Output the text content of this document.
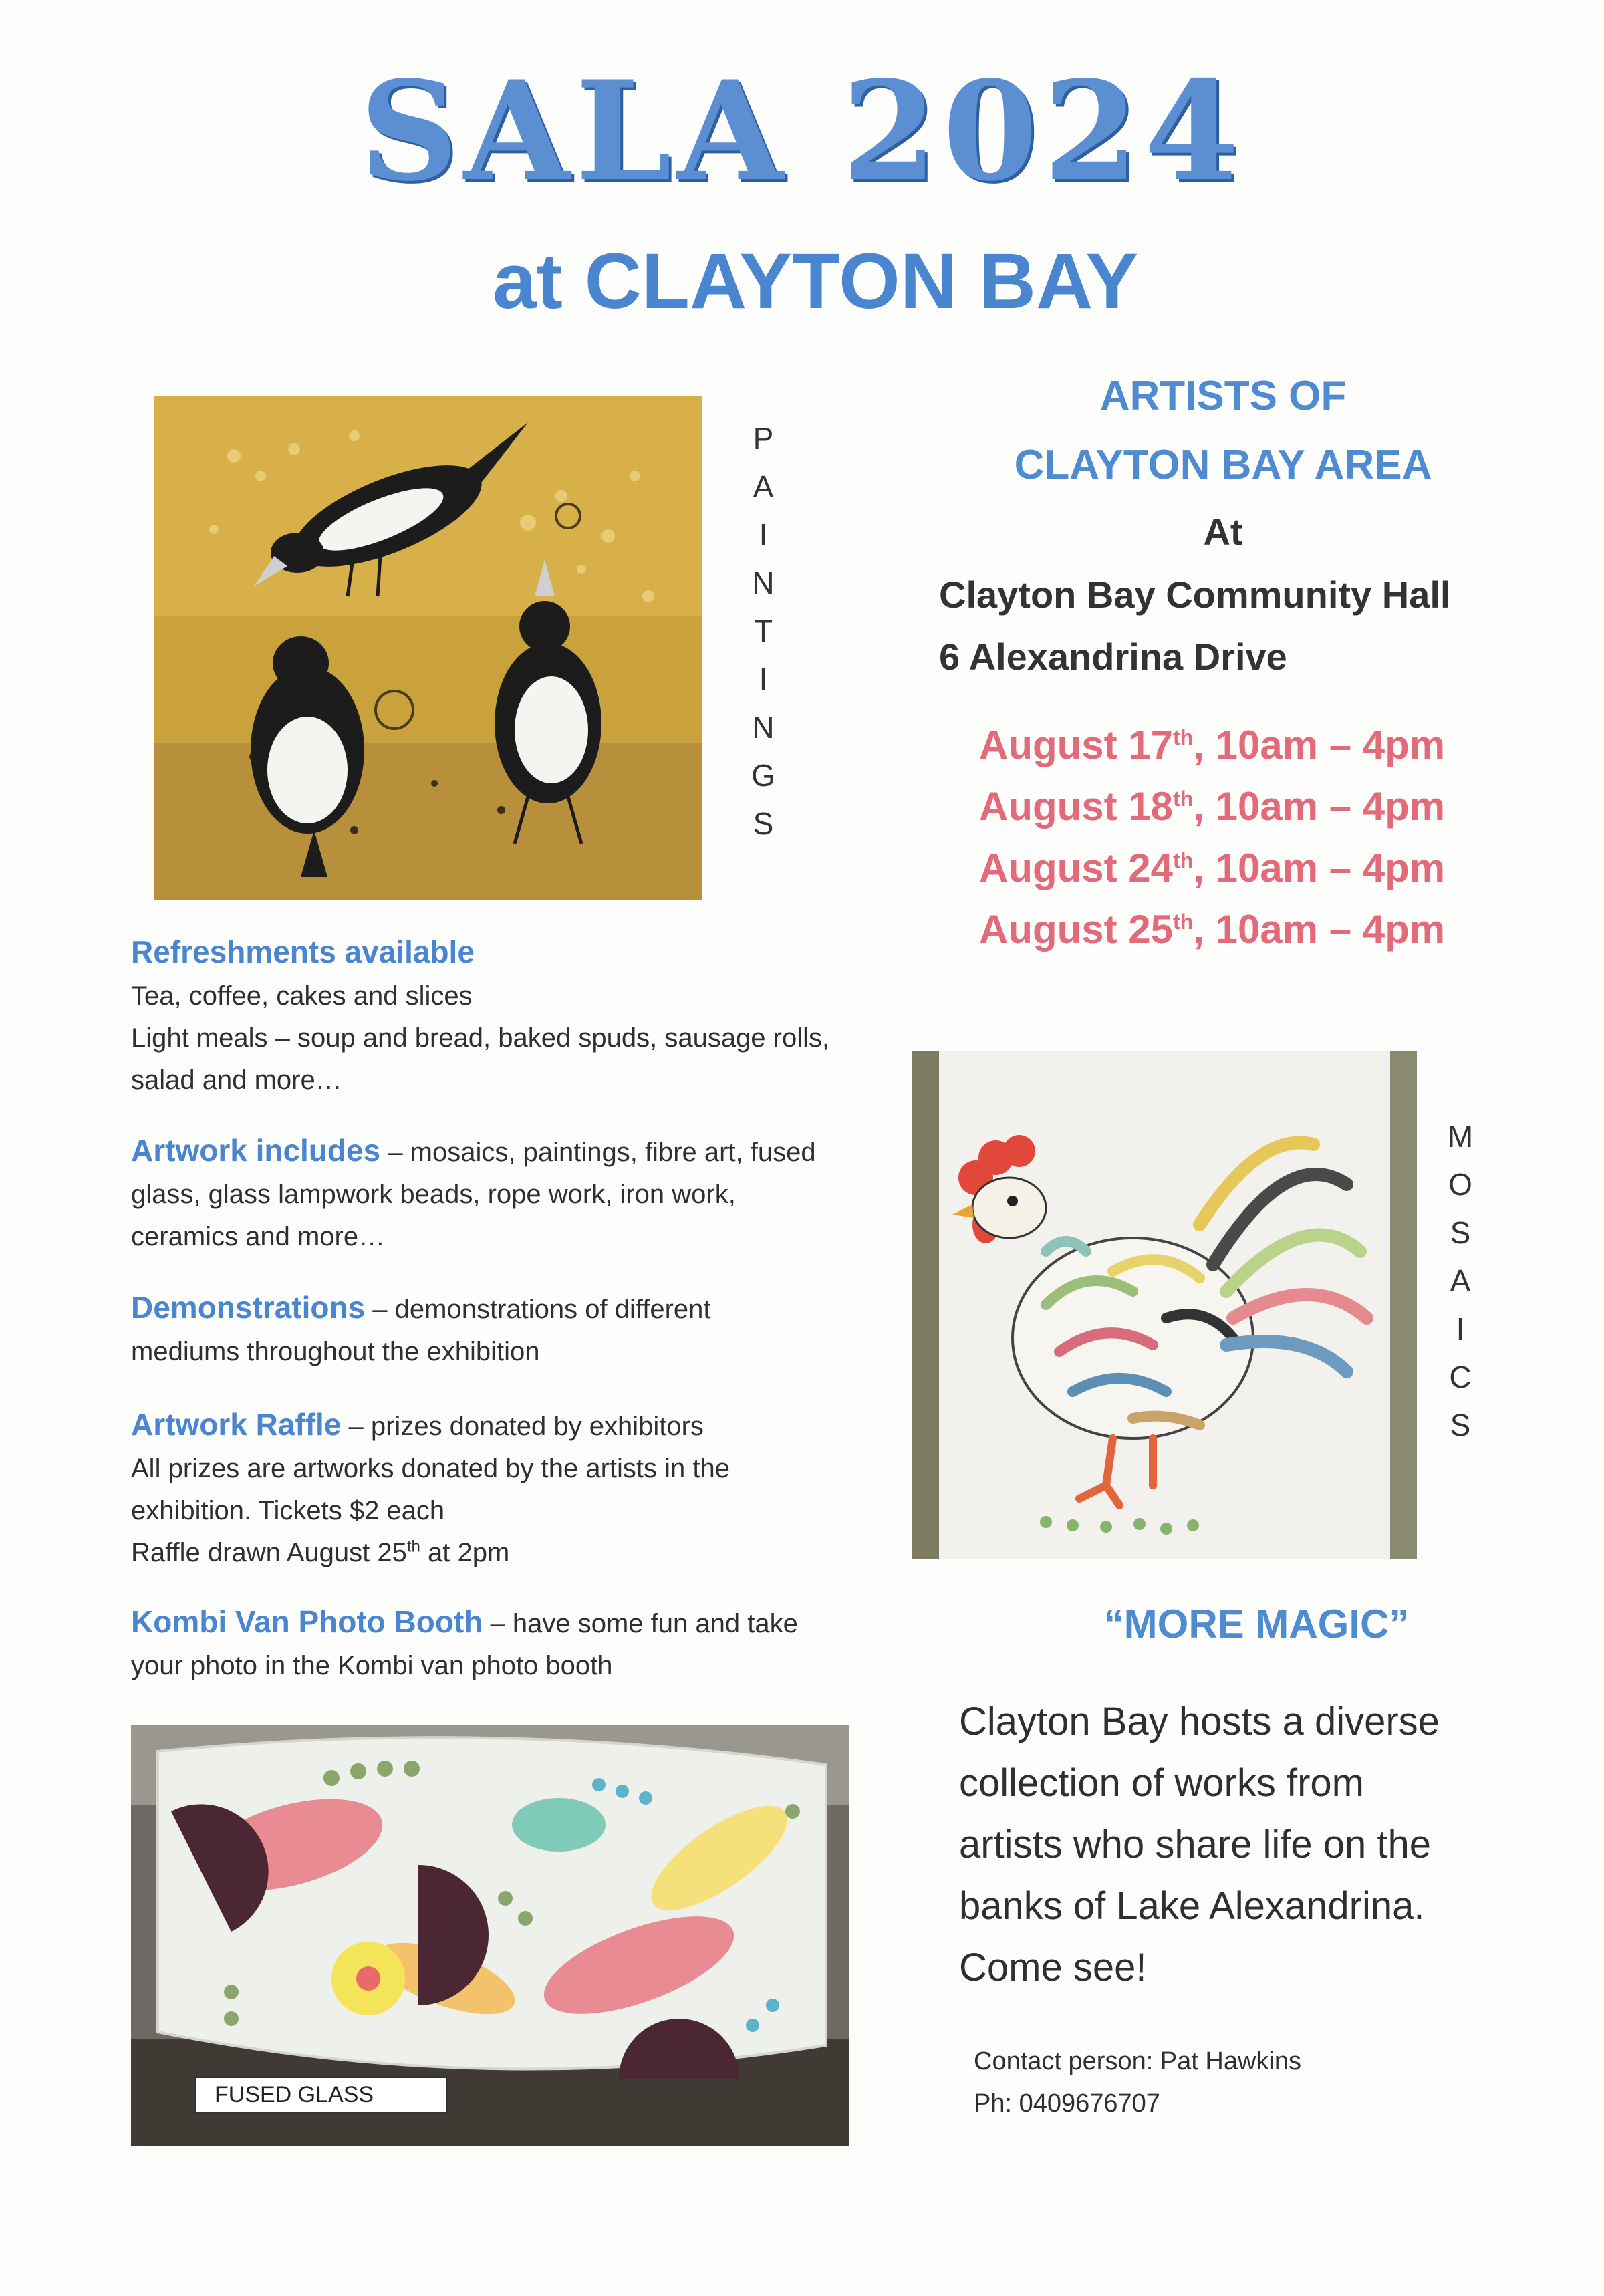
SALA 2024
at CLAYTON BAY
P
A
I
N
T
I
N
G
S
ARTISTS OF
CLAYTON BAY AREA
At
Clayton Bay Community Hall
6 Alexandrina Drive
August 17th, 10am – 4pm
August 18th, 10am – 4pm
August 24th, 10am – 4pm
August 25th, 10am – 4pm

Refreshments available

Tea, coffee, cakes and slices

Light meals – soup and bread, baked spuds, sausage rolls,

salad and more…

Artwork includes – mosaics, paintings, fibre art, fused

glass, glass lampwork beads, rope work, iron work,

ceramics and more…

Demonstrations – demonstrations of different

mediums throughout the exhibition

Artwork Raffle – prizes donated by exhibitors

All prizes are artworks donated by the artists in the

exhibition. Tickets $2 each

Raffle drawn August 25th at 2pm

Kombi Van Photo Booth – have some fun and take

your photo in the Kombi van photo booth

M
O
S
A
I
C
S
“MORE MAGIC”
Clayton Bay hosts a diverse
collection of works from
artists who share life on the
banks of Lake Alexandrina.
Come see!
Contact person: Pat Hawkins
Ph: 0409676707
FUSED GLASS
